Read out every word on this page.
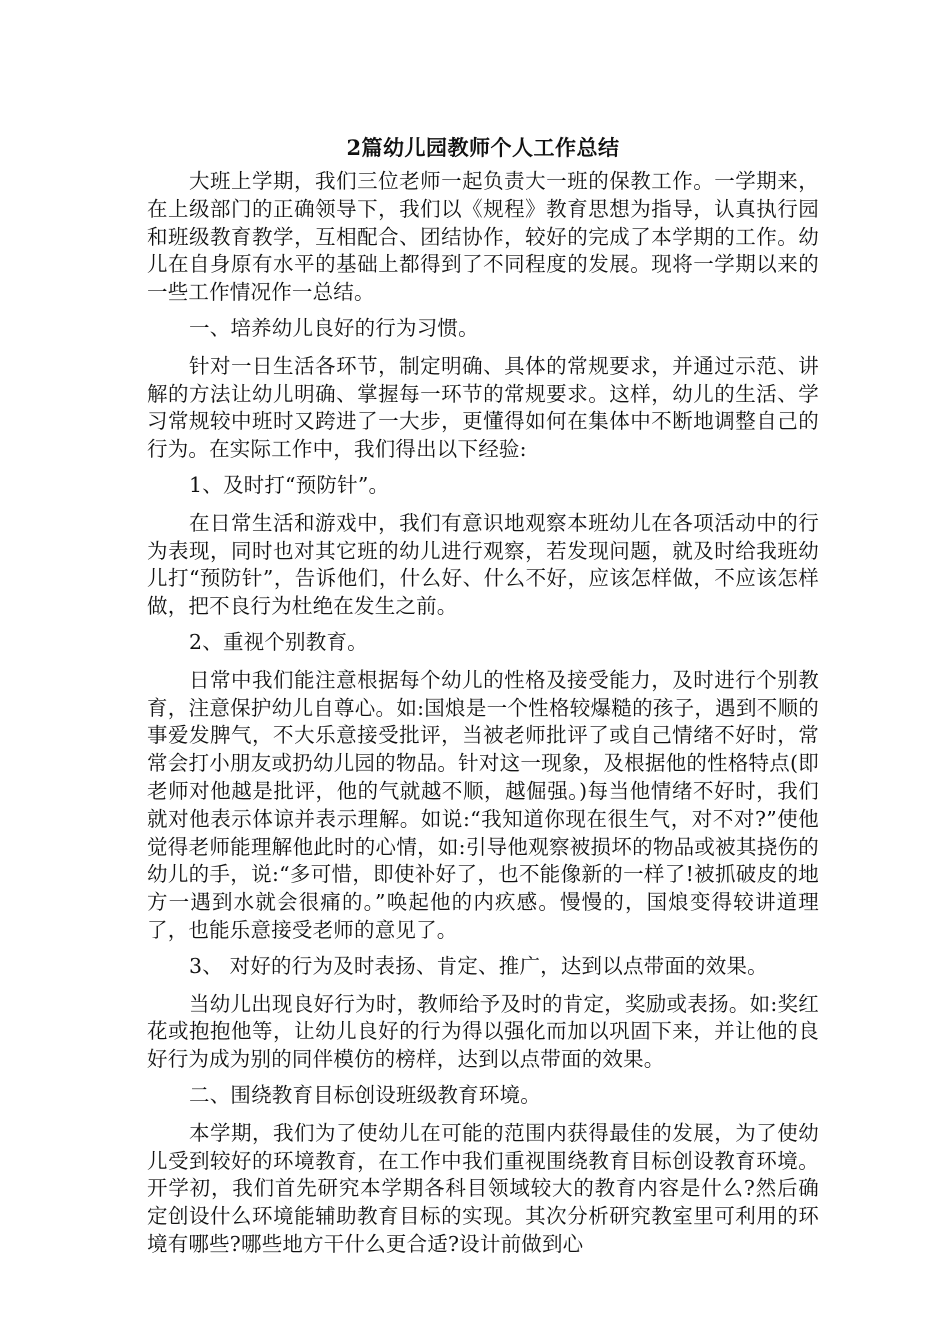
2篇幼儿园教师个人工作总结

大班上学期，我们三位老师一起负责大一班的保教工作。一学期来，在上级部门的正确领导下，我们以《规程》教育思想为指导，认真执行园和班级教育教学，互相配合、团结协作，较好的完成了本学期的工作。幼儿在自身原有水平的基础上都得到了不同程度的发展。现将一学期以来的一些工作情况作一总结。

一、培养幼儿良好的行为习惯。

针对一日生活各环节，制定明确、具体的常规要求，并通过示范、讲解的方法让幼儿明确、掌握每一环节的常规要求。这样，幼儿的生活、学习常规较中班时又跨进了一大步，更懂得如何在集体中不断地调整自己的行为。在实际工作中，我们得出以下经验:

1、及时打“预防针”。

在日常生活和游戏中，我们有意识地观察本班幼儿在各项活动中的行为表现，同时也对其它班的幼儿进行观察，若发现问题，就及时给我班幼儿打“预防针”，告诉他们，什么好、什么不好，应该怎样做，不应该怎样做，把不良行为杜绝在发生之前。

2、重视个别教育。

日常中我们能注意根据每个幼儿的性格及接受能力，及时进行个别教育，注意保护幼儿自尊心。如:国烺是一个性格较爆糙的孩子，遇到不顺的事爱发脾气，不大乐意接受批评，当被老师批评了或自己情绪不好时，常常会打小朋友或扔幼儿园的物品。针对这一现象，及根据他的性格特点(即老师对他越是批评，他的气就越不顺，越倔强。)每当他情绪不好时，我们就对他表示体谅并表示理解。如说:“我知道你现在很生气，对不对?”使他觉得老师能理解他此时的心情，如:引导他观察被损坏的物品或被其挠伤的幼儿的手，说:“多可惜，即使补好了，也不能像新的一样了!被抓破皮的地方一遇到水就会很痛的。”唤起他的内疚感。慢慢的，国烺变得较讲道理了，也能乐意接受老师的意见了。

3、 对好的行为及时表扬、肯定、推广，达到以点带面的效果。

当幼儿出现良好行为时，教师给予及时的肯定，奖励或表扬。如:奖红花或抱抱他等，让幼儿良好的行为得以强化而加以巩固下来，并让他的良好行为成为别的同伴模仿的榜样，达到以点带面的效果。

二、围绕教育目标创设班级教育环境。

本学期，我们为了使幼儿在可能的范围内获得最佳的发展，为了使幼儿受到较好的环境教育，在工作中我们重视围绕教育目标创设教育环境。开学初，我们首先研究本学期各科目领域较大的教育内容是什么?然后确定创设什么环境能辅助教育目标的实现。其次分析研究教室里可利用的环境有哪些?哪些地方干什么更合适?设计前做到心
